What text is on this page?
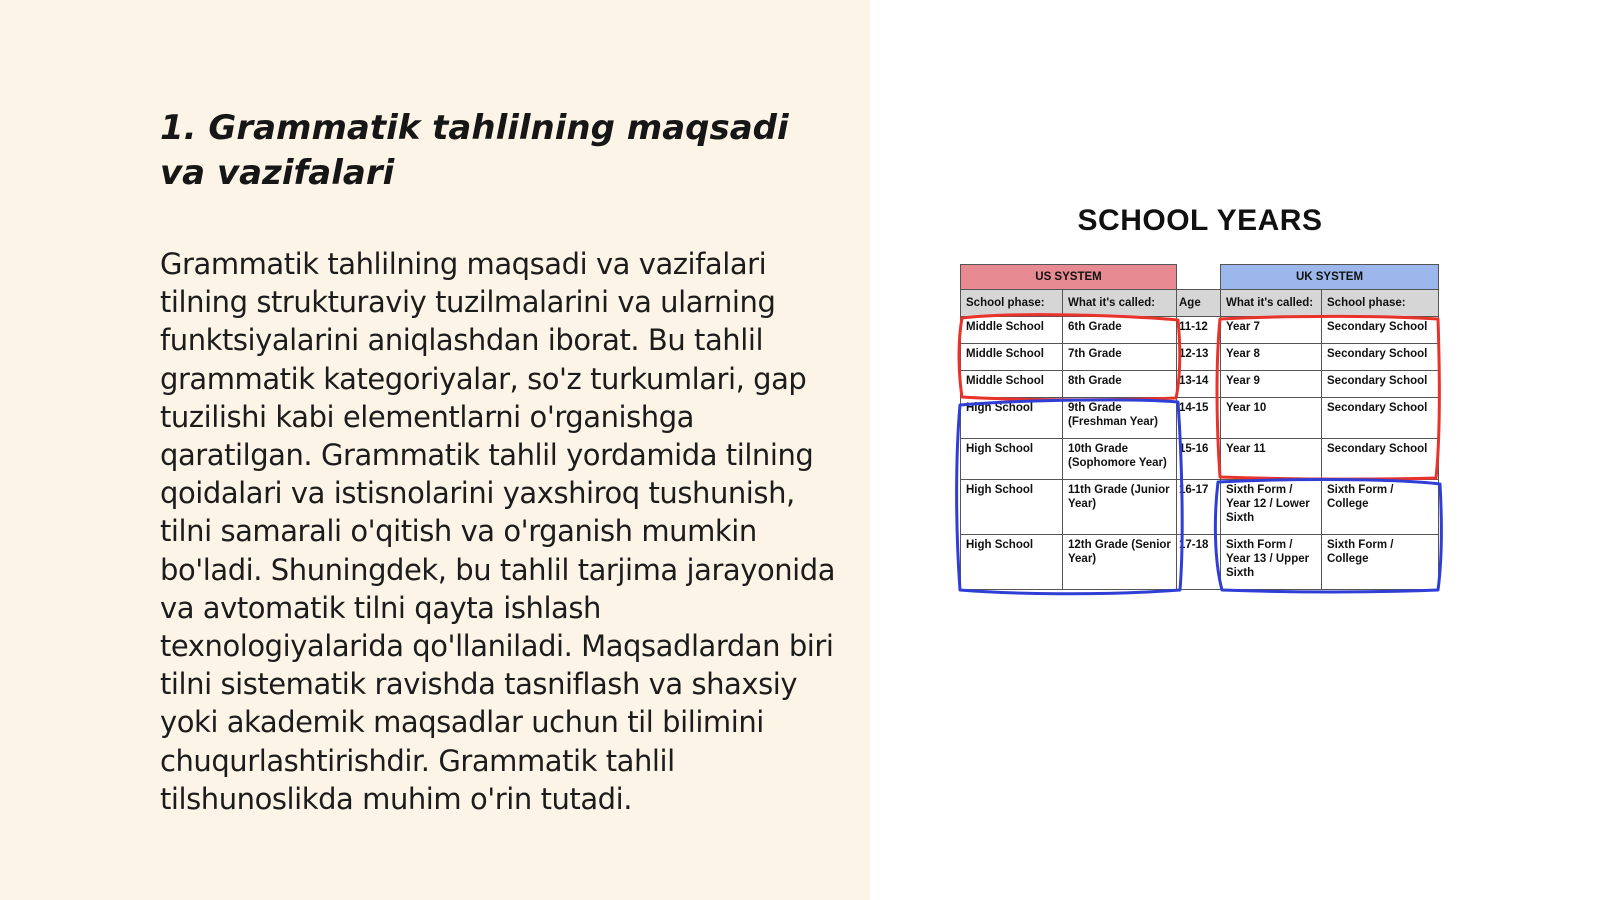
1. Grammatik tahlilning maqsadi va vazifalari

Grammatik tahlilning maqsadi va vazifalari tilning strukturaviy tuzilmalarini va ularning funktsiyalarini aniqlashdan iborat. Bu tahlil grammatik kategoriyalar, so'z turkumlari, gap tuzilishi kabi elementlarni o'rganishga qaratilgan. Grammatik tahlil yordamida tilning qoidalari va istisnolarini yaxshiroq tushunish, tilni samarali o'qitish va o'rganish mumkin bo'ladi. Shuningdek, bu tahlil tarjima jarayonida va avtomatik tilni qayta ishlash texnologiyalarida qo'llaniladi. Maqsadlardan biri tilni sistematik ravishda tasniflash va shaxsiy yoki akademik maqsadlar uchun til bilimini chuqurlashtirishdir. Grammatik tahlil tilshunoslikda muhim o'rin tutadi.

SCHOOL YEARS
US SYSTEM			UK SYSTEM	
School phase:	What it's called:	Age	What it's called:	School phase:
Middle School	6th Grade	11-12	Year 7	Secondary School
Middle School	7th Grade	12-13	Year 8	Secondary School
Middle School	8th Grade	13-14	Year 9	Secondary School
High School	9th Grade (Freshman Year)	14-15	Year 10	Secondary School
High School	10th Grade (Sophomore Year)	15-16	Year 11	Secondary School
High School	11th Grade (Junior Year)	16-17	Sixth Form / Year 12 / Lower Sixth	Sixth Form / College
High School	12th Grade (Senior Year)	17-18	Sixth Form / Year 13 / Upper Sixth	Sixth Form / College
